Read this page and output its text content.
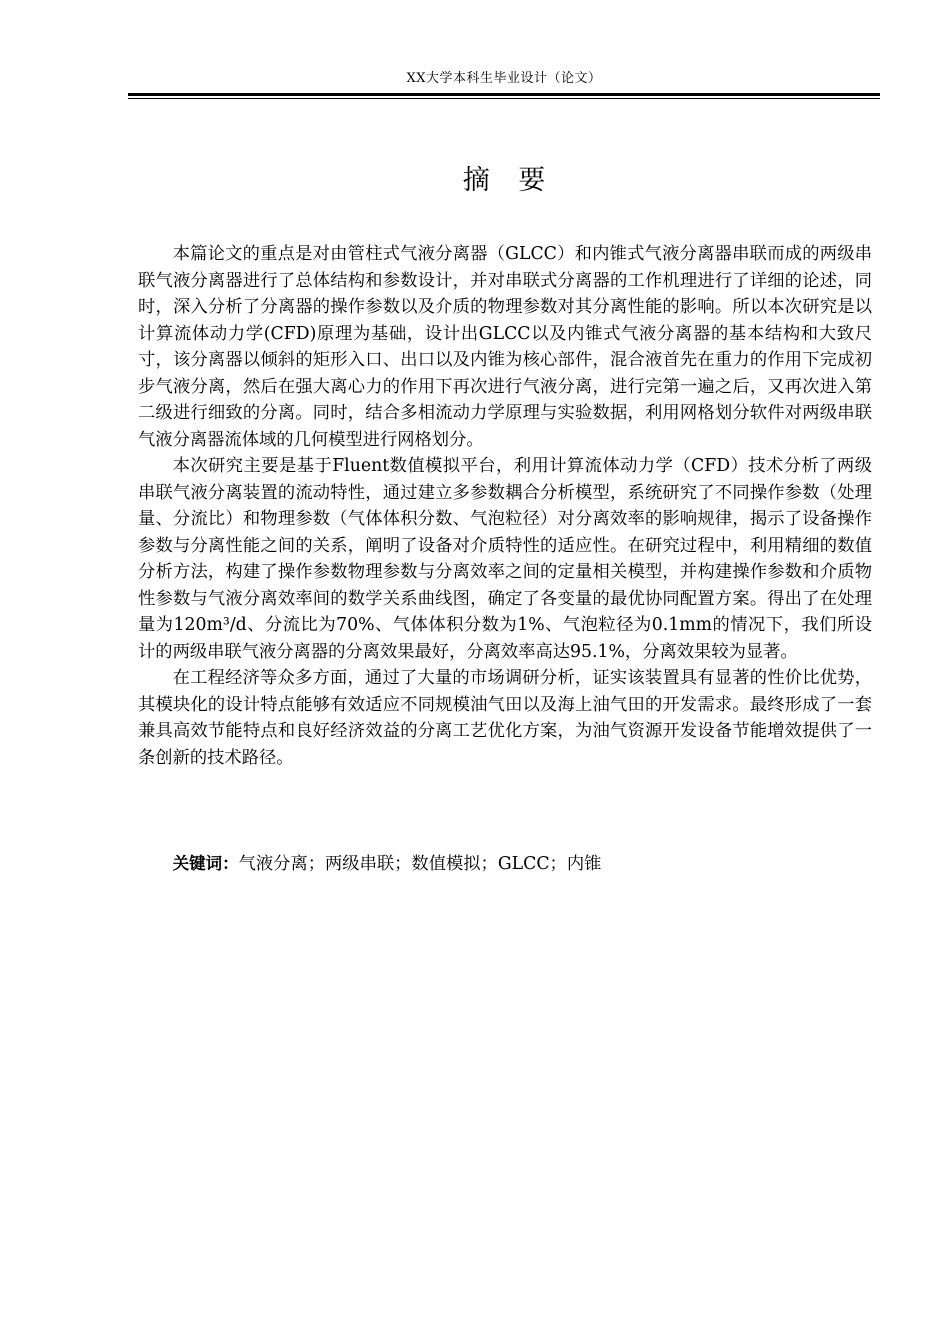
XX大学本科生毕业设计（论文）
摘 要

本篇论文的重点是对由管柱式气液分离器（GLCC）和内锥式气液分离器串联而成的两级串联气液分离器进行了总体结构和参数设计，并对串联式分离器的工作机理进行了详细的论述，同时，深入分析了分离器的操作参数以及介质的物理参数对其分离性能的影响。所以本次研究是以计算流体动力学(CFD)原理为基础，设计出GLCC以及内锥式气液分离器的基本结构和大致尺寸，该分离器以倾斜的矩形入口、出口以及内锥为核心部件，混合液首先在重力的作用下完成初步气液分离，然后在强大离心力的作用下再次进行气液分离，进行完第一遍之后，又再次进入第二级进行细致的分离。同时，结合多相流动力学原理与实验数据，利用网格划分软件对两级串联气液分离器流体域的几何模型进行网格划分。

本次研究主要是基于Fluent数值模拟平台，利用计算流体动力学（CFD）技术分析了两级串联气液分离装置的流动特性，通过建立多参数耦合分析模型，系统研究了不同操作参数（处理量、分流比）和物理参数（气体体积分数、气泡粒径）对分离效率的影响规律，揭示了设备操作参数与分离性能之间的关系，阐明了设备对介质特性的适应性。在研究过程中，利用精细的数值分析方法，构建了操作参数物理参数与分离效率之间的定量相关模型，并构建操作参数和介质物性参数与气液分离效率间的数学关系曲线图，确定了各变量的最优协同配置方案。得出了在处理量为120m³/d、分流比为70%、气体体积分数为1%、气泡粒径为0.1mm的情况下，我们所设计的两级串联气液分离器的分离效果最好，分离效率高达95.1%，分离效果较为显著。

在工程经济等众多方面，通过了大量的市场调研分析，证实该装置具有显著的性价比优势，其模块化的设计特点能够有效适应不同规模油气田以及海上油气田的开发需求。最终形成了一套兼具高效节能特点和良好经济效益的分离工艺优化方案，为油气资源开发设备节能增效提供了一条创新的技术路径。

关键词：气液分离；两级串联；数值模拟；GLCC；内锥
